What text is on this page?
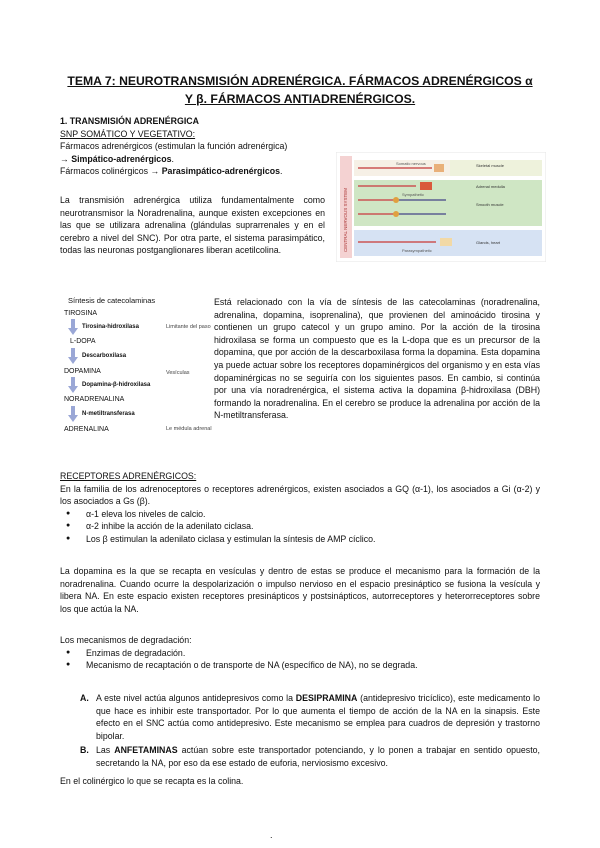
TEMA 7: NEUROTRANSMISIÓN ADRENÉRGICA. FÁRMACOS ADRENÉRGICOS α
Y β. FÁRMACOS ANTIADRENÉRGICOS.
1. TRANSMISIÓN ADRENÉRGICA
SNP SOMÁTICO Y VEGETATIVO:
Fármacos adrenérgicos (estimulan la función adrenérgica)
→ Simpático-adrenérgicos.
Fármacos colinérgicos → Parasimpático-adrenérgicos.
La transmisión adrenérgica utiliza fundamentalmente como neurotransmisor la Noradrenalina, aunque existen excepciones en las que se utilizara adrenalina (glándulas suprarrenales y en el cerebro a nivel del SNC). Por otra parte, el sistema parasimpático, todas las neuronas postganglionares liberan acetilcolina.	CENTRAL NERVOUS SYSTEM
Skeletal muscle
Adrenal medulla
Smooth muscle
Glands, heart
Somatic nervous
Sympathetic
Parasympathetic
Síntesis de catecolaminas
TIROSINA
L-DOPA
DOPAMINA
NORADRENALINA
ADRENALINA
Tirosina-hidroxilasa
Descarboxilasa
Dopamina-β-hidroxilasa
N-metiltransferasa
Limitante del paso
Vesículas
Le médula adrenal
Está relacionado con la vía de síntesis de las catecolaminas (noradrenalina, adrenalina, dopamina, isoprenalina), que provienen del aminoácido tirosina y contienen un grupo catecol y un grupo amino. Por la acción de la tirosina hidroxilasa se forma un compuesto que es la L-dopa que es un precursor de la dopamina, que por acción de la descarboxilasa forma la dopamina. Esta dopamina ya puede actuar sobre los receptores dopaminérgicos del organismo y en esta vías dopaminérgicas no se seguiría con los siguientes pasos. En cambio, si continúa por una vía noradrenérgica, el sistema activa la dopamina β-hidroxilasa (DBH) formando la noradrenalina. En el cerebro se produce la adrenalina por acción de la N-metiltransferasa.
RECEPTORES ADRENÉRGICOS:
En la familia de los adrenoceptores o receptores adrenérgicos, existen asociados a GQ (α-1), los asociados a Gi (α-2) y los asociados a Gs (β).
● α-1 eleva los niveles de calcio.
● α-2 inhibe la acción de la adenilato ciclasa.
● Los β estimulan la adenilato ciclasa y estimulan la síntesis de AMP cíclico.
La dopamina es la que se recapta en vesículas y dentro de estas se produce el mecanismo para la formación de la noradrenalina. Cuando ocurre la despolarización o impulso nervioso en el espacio presináptico se fusiona la vesícula y libera NA. En este espacio existen receptores presinápticos y postsinápticos, autorreceptores y heterorreceptores sobre los que actúa la NA.
Los mecanismos de degradación:
● Enzimas de degradación.
● Mecanismo de recaptación o de transporte de NA (específico de NA), no se degrada.
A. A este nivel actúa algunos antidepresivos como la DESIPRAMINA (antidepresivo tricíclico), este medicamento lo que hace es inhibir este transportador. Por lo que aumenta el tiempo de acción de la NA en la sinapsis. Este efecto en el SNC actúa como antidepresivo. Este mecanismo se emplea para cuadros de depresión y trastorno bipolar.
B. Las ANFETAMINAS actúan sobre este transportador potenciando, y lo ponen a trabajar en sentido opuesto, secretando la NA, por eso da ese estado de euforia, nerviosismo excesivo.
En el colinérgico lo que se recapta es la colina.
.
